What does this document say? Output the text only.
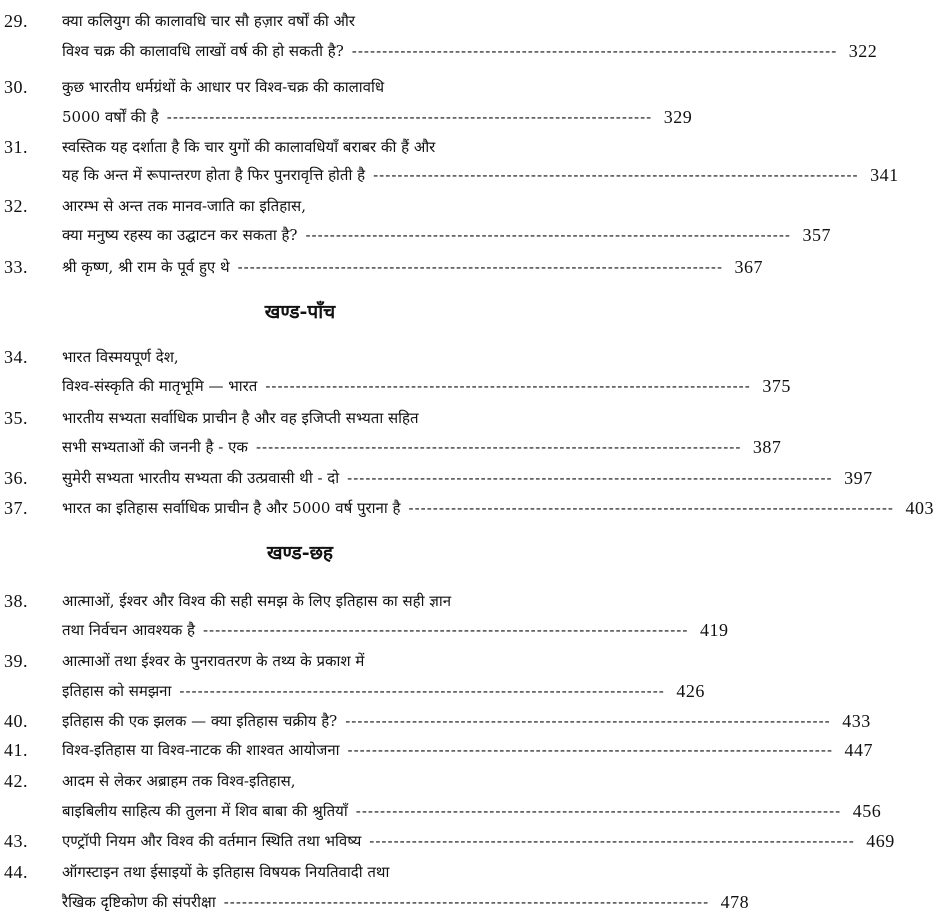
29. क्या कलियुग की कालावधि चार सौ हज़ार वर्षों की और
विश्व चक्र की कालावधि लाखों वर्ष की हो सकती है? -------------------------------------------------------------------------------- 322
30. कुछ भारतीय धर्मग्रंथों के आधार पर विश्व-चक्र की कालावधि
5000 वर्षों की है -------------------------------------------------------------------------------- 329
31. स्वस्तिक यह दर्शाता है कि चार युगों की कालावधियाँ बराबर की हैं और
यह कि अन्त में रूपान्तरण होता है फिर पुनरावृत्ति होती है -------------------------------------------------------------------------------- 341
32. आरम्भ से अन्त तक मानव-जाति का इतिहास,
क्या मनुष्य रहस्य का उद्घाटन कर सकता है? -------------------------------------------------------------------------------- 357
33. श्री कृष्ण, श्री राम के पूर्व हुए थे -------------------------------------------------------------------------------- 367
खण्ड-पाँच
34. भारत विस्मयपूर्ण देश,
विश्व-संस्कृति की मातृभूमि — भारत -------------------------------------------------------------------------------- 375
35. भारतीय सभ्यता सर्वाधिक प्राचीन है और वह इजिप्ती सभ्यता सहित
सभी सभ्यताओं की जननी है - एक -------------------------------------------------------------------------------- 387
36. सुमेरी सभ्यता भारतीय सभ्यता की उत्प्रवासी थी - दो -------------------------------------------------------------------------------- 397
37. भारत का इतिहास सर्वाधिक प्राचीन है और 5000 वर्ष पुराना है -------------------------------------------------------------------------------- 403
खण्ड-छह
38. आत्माओं, ईश्वर और विश्व की सही समझ के लिए इतिहास का सही ज्ञान
तथा निर्वचन आवश्यक है -------------------------------------------------------------------------------- 419
39. आत्माओं तथा ईश्वर के पुनरावतरण के तथ्य के प्रकाश में
इतिहास को समझना -------------------------------------------------------------------------------- 426
40. इतिहास की एक झलक — क्या इतिहास चक्रीय है? -------------------------------------------------------------------------------- 433
41. विश्व-इतिहास या विश्व-नाटक की शाश्वत आयोजना -------------------------------------------------------------------------------- 447
42. आदम से लेकर अब्राहम तक विश्व-इतिहास,
बाइबिलीय साहित्य की तुलना में शिव बाबा की श्रुतियाँ -------------------------------------------------------------------------------- 456
43. एण्ट्रॉपी नियम और विश्व की वर्तमान स्थिति तथा भविष्य -------------------------------------------------------------------------------- 469
44. ऑगस्टाइन तथा ईसाइयों के इतिहास विषयक नियतिवादी तथा
रैखिक दृष्टिकोण की संपरीक्षा -------------------------------------------------------------------------------- 478
